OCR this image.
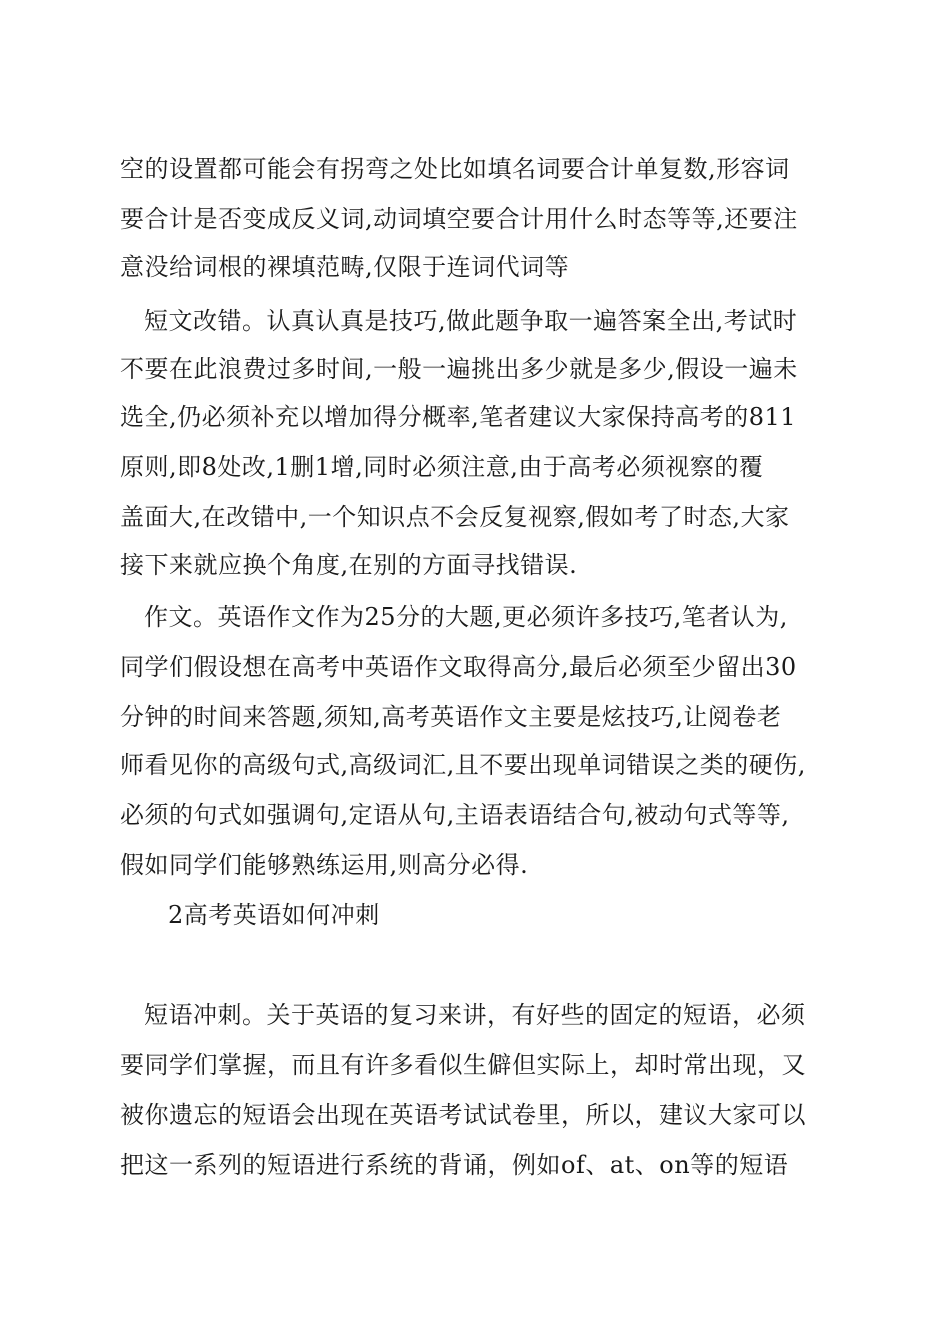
空的设置都可能会有拐弯之处比如填名词要合计单复数,形容词
要合计是否变成反义词,动词填空要合计用什么时态等等,还要注
意没给词根的裸填范畴,仅限于连词代词等
短文改错。认真认真是技巧,做此题争取一遍答案全出,考试时
不要在此浪费过多时间,一般一遍挑出多少就是多少,假设一遍未
选全,仍必须补充以增加得分概率,笔者建议大家保持高考的811
原则,即8处改,1删1增,同时必须注意,由于高考必须视察的覆
盖面大,在改错中,一个知识点不会反复视察,假如考了时态,大家
接下来就应换个角度,在别的方面寻找错误.
作文。英语作文作为25分的大题,更必须许多技巧,笔者认为,
同学们假设想在高考中英语作文取得高分,最后必须至少留出30
分钟的时间来答题,须知,高考英语作文主要是炫技巧,让阅卷老
师看见你的高级句式,高级词汇,且不要出现单词错误之类的硬伤,
必须的句式如强调句,定语从句,主语表语结合句,被动句式等等,
假如同学们能够熟练运用,则高分必得.
2高考英语如何冲刺
短语冲刺。关于英语的复习来讲，有好些的固定的短语，必须
要同学们掌握，而且有许多看似生僻但实际上，却时常出现，又
被你遗忘的短语会出现在英语考试试卷里，所以，建议大家可以
把这一系列的短语进行系统的背诵，例如of、at、on等的短语
